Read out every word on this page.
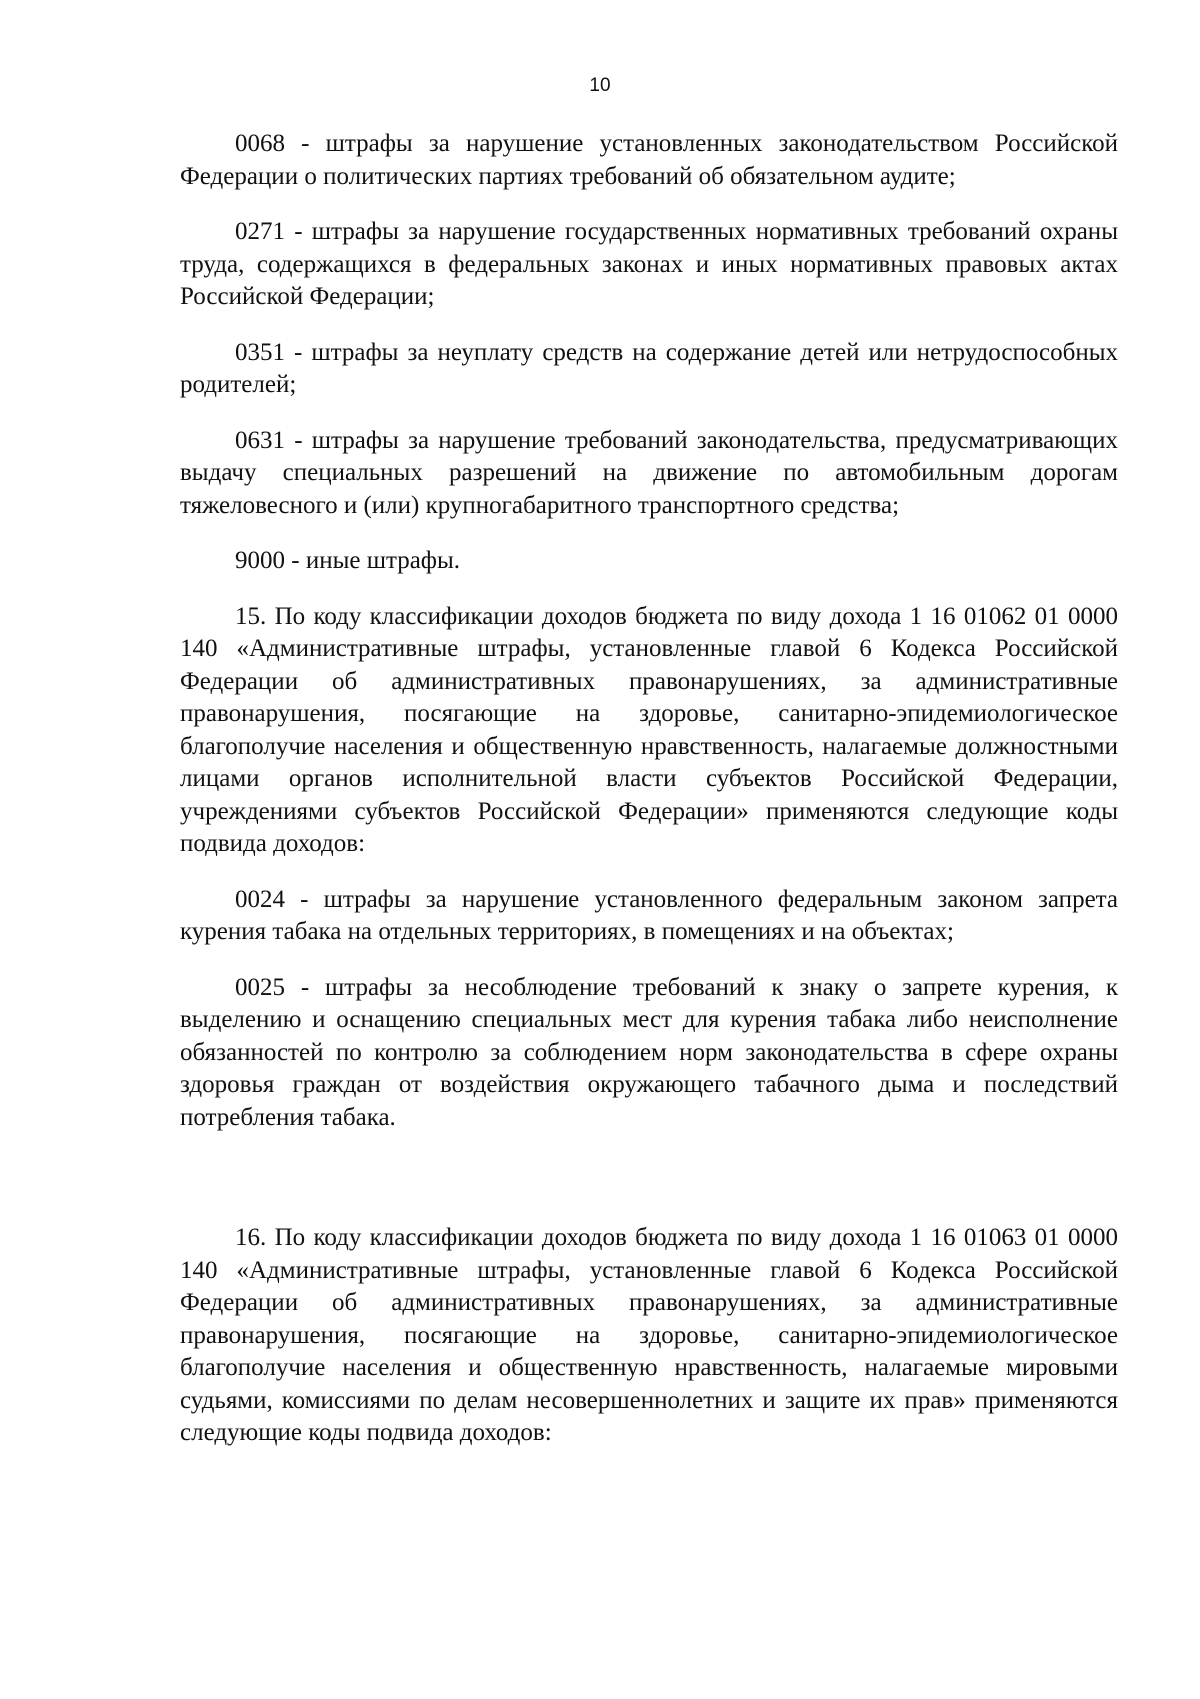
10

0068 - штрафы за нарушение установленных законодательством Российской Федерации о политических партиях требований об обязательном аудите;

0271 - штрафы за нарушение государственных нормативных требований охраны труда, содержащихся в федеральных законах и иных нормативных правовых актах Российской Федерации;

0351 - штрафы за неуплату средств на содержание детей или нетрудоспособных родителей;

0631 - штрафы за нарушение требований законодательства, предусматривающих выдачу специальных разрешений на движение по автомобильным дорогам тяжеловесного и (или) крупногабаритного транспортного средства;

9000 - иные штрафы.

15. По коду классификации доходов бюджета по виду дохода 1 16 01062 01 0000 140 «Административные штрафы, установленные главой 6 Кодекса Российской Федерации об административных правонарушениях, за административные правонарушения, посягающие на здоровье, санитарно-эпидемиологическое благополучие населения и общественную нравственность, налагаемые должностными лицами органов исполнительной власти субъектов Российской Федерации, учреждениями субъектов Российской Федерации» применяются следующие коды подвида доходов:

0024 - штрафы за нарушение установленного федеральным законом запрета курения табака на отдельных территориях, в помещениях и на объектах;

0025 - штрафы за несоблюдение требований к знаку о запрете курения, к выделению и оснащению специальных мест для курения табака либо неисполнение обязанностей по контролю за соблюдением норм законодательства в сфере охраны здоровья граждан от воздействия окружающего табачного дыма и последствий потребления табака.

16. По коду классификации доходов бюджета по виду дохода 1 16 01063 01 0000 140 «Административные штрафы, установленные главой 6 Кодекса Российской Федерации об административных правонарушениях, за административные правонарушения, посягающие на здоровье, санитарно-эпидемиологическое благополучие населения и общественную нравственность, налагаемые мировыми судьями, комиссиями по делам несовершеннолетних и защите их прав» применяются следующие коды подвида доходов:
